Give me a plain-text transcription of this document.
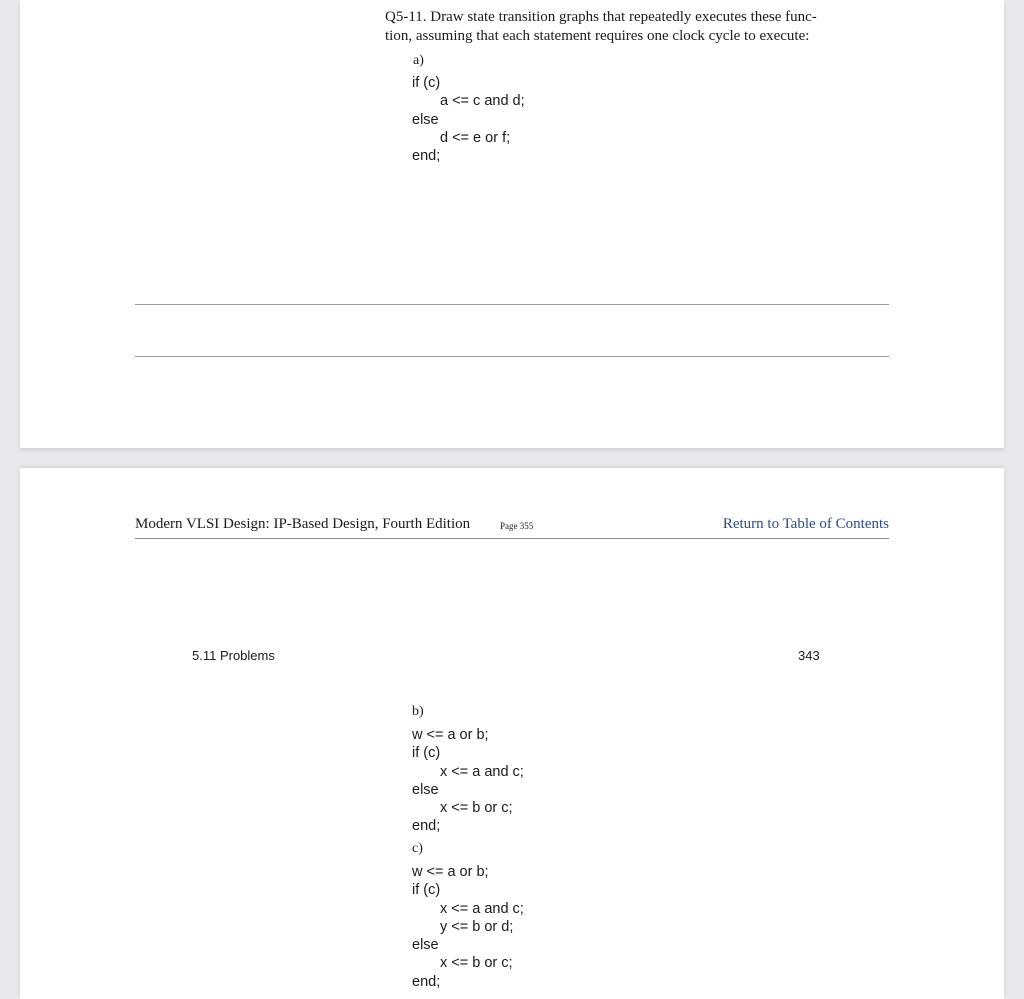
Q5-11. Draw state transition graphs that repeatedly executes these func-
tion, assuming that each statement requires one clock cycle to execute:
a)
if (c)
a <= c and d;
else
d <= e or f;
end;
Modern VLSI Design: IP-Based Design, Fourth Edition	Page 355	Return to Table of Contents
5.11 Problems	343
b)
w <= a or b;
if (c)
x <= a and c;
else
x <= b or c;
end;
c)
w <= a or b;
if (c)
x <= a and c;
y <= b or d;
else
x <= b or c;
end;
